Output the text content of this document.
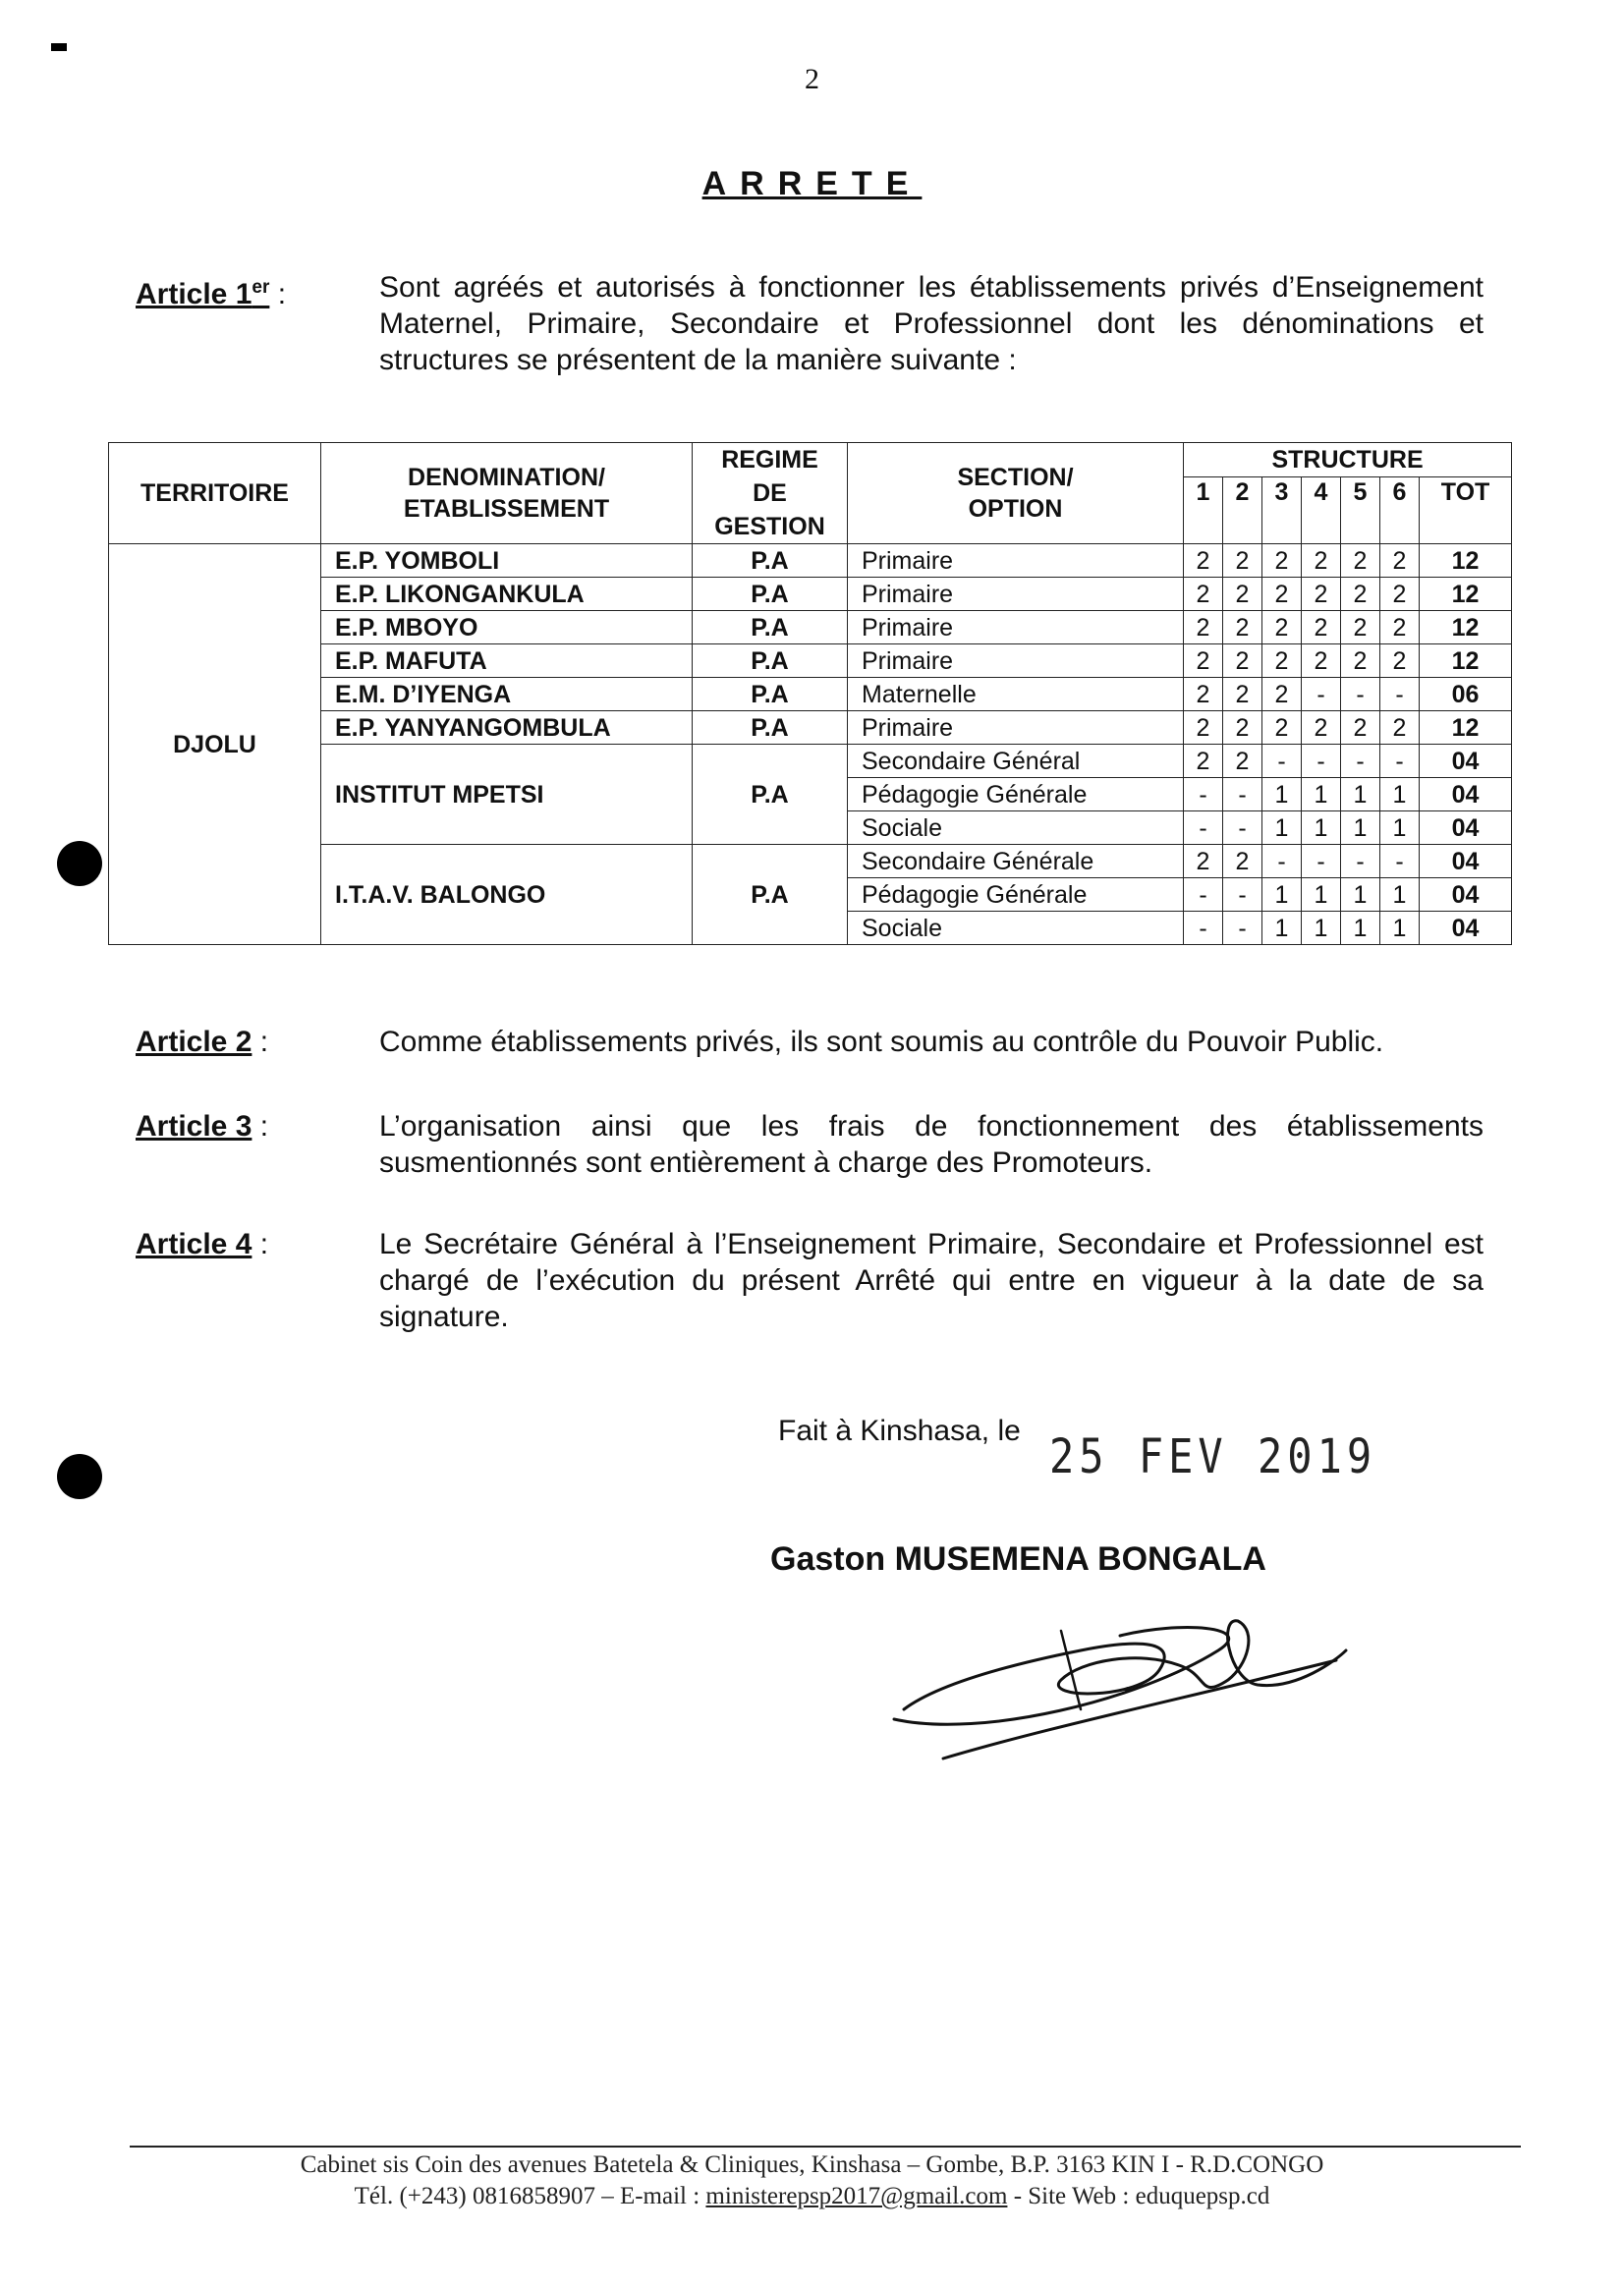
2
ARRETE
Article 1er :	Sont agréés et autorisés à fonctionner les établissements privés d’Enseignement Maternel, Primaire, Secondaire et Professionnel dont les dénominations et structures se présentent de la manière suivante :
TERRITOIRE	DENOMINATION/ ETABLISSEMENT	REGIME DE GESTION	SECTION/ OPTION	STRUCTURE						
				1	2	3	4	5	6	TOT
DJOLU	E.P. YOMBOLI	P.A	Primaire	2	2	2	2	2	2	12
	E.P. LIKONGANKULA	P.A	Primaire	2	2	2	2	2	2	12
	E.P. MBOYO	P.A	Primaire	2	2	2	2	2	2	12
	E.P. MAFUTA	P.A	Primaire	2	2	2	2	2	2	12
	E.M. D’IYENGA	P.A	Maternelle	2	2	2	-	-	-	06
	E.P. YANYANGOMBULA	P.A	Primaire	2	2	2	2	2	2	12
	INSTITUT MPETSI	P.A	Secondaire Général	2	2	-	-	-	-	04
			Pédagogie Générale	-	-	1	1	1	1	04
			Sociale	-	-	1	1	1	1	04
	I.T.A.V. BALONGO	P.A	Secondaire Générale	2	2	-	-	-	-	04
			Pédagogie Générale	-	-	1	1	1	1	04
			Sociale	-	-	1	1	1	1	04
Article 2 :	Comme établissements privés, ils sont soumis au contrôle du Pouvoir Public.
Article 3 :	L’organisation ainsi que les frais de fonctionnement des établissements susmentionnés sont entièrement à charge des Promoteurs.
Article 4 :	Le Secrétaire Général à l’Enseignement Primaire, Secondaire et Professionnel est chargé de l’exécution du présent Arrêté qui entre en vigueur à la date de sa signature.
Fait à Kinshasa, le 25 FEV 2019
Gaston MUSEMENA BONGALA
Cabinet sis Coin des avenues Batetela & Cliniques, Kinshasa – Gombe, B.P. 3163 KIN I - R.D.CONGO
Tél. (+243) 0816858907 – E-mail : ministerepsp2017@gmail.com - Site Web : eduquepsp.cd
